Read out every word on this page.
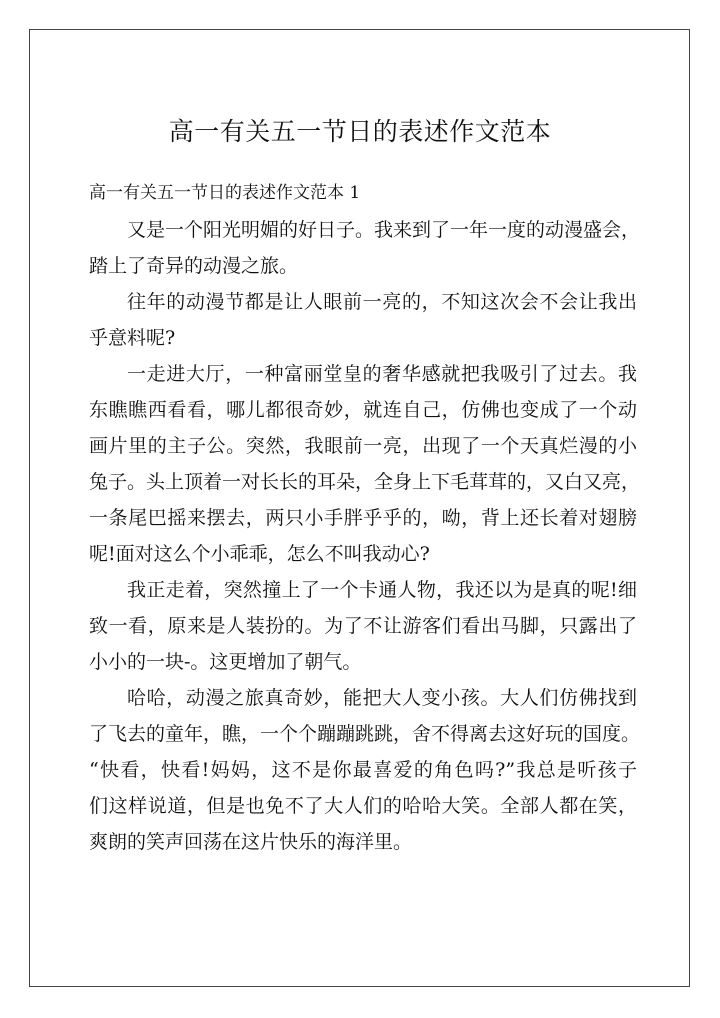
高一有关五一节日的表述作文范本
高一有关五一节日的表述作文范本 1
又是一个阳光明媚的好日子。我来到了一年一度的动漫盛会，
踏上了奇异的动漫之旅。
往年的动漫节都是让人眼前一亮的，不知这次会不会让我出
乎意料呢?
一走进大厅，一种富丽堂皇的奢华感就把我吸引了过去。我
东瞧瞧西看看，哪儿都很奇妙，就连自己，仿佛也变成了一个动
画片里的主子公。突然，我眼前一亮，出现了一个天真烂漫的小
兔子。头上顶着一对长长的耳朵，全身上下毛茸茸的，又白又亮，
一条尾巴摇来摆去，两只小手胖乎乎的，呦，背上还长着对翅膀
呢!面对这么个小乖乖，怎么不叫我动心?
我正走着，突然撞上了一个卡通人物，我还以为是真的呢!细
致一看，原来是人装扮的。为了不让游客们看出马脚，只露出了
小小的一块-。这更增加了朝气。
哈哈，动漫之旅真奇妙，能把大人变小孩。大人们仿佛找到
了飞去的童年，瞧，一个个蹦蹦跳跳，舍不得离去这好玩的国度。
“快看，快看!妈妈，这不是你最喜爱的角色吗?”我总是听孩子
们这样说道，但是也免不了大人们的哈哈大笑。全部人都在笑，
爽朗的笑声回荡在这片快乐的海洋里。
